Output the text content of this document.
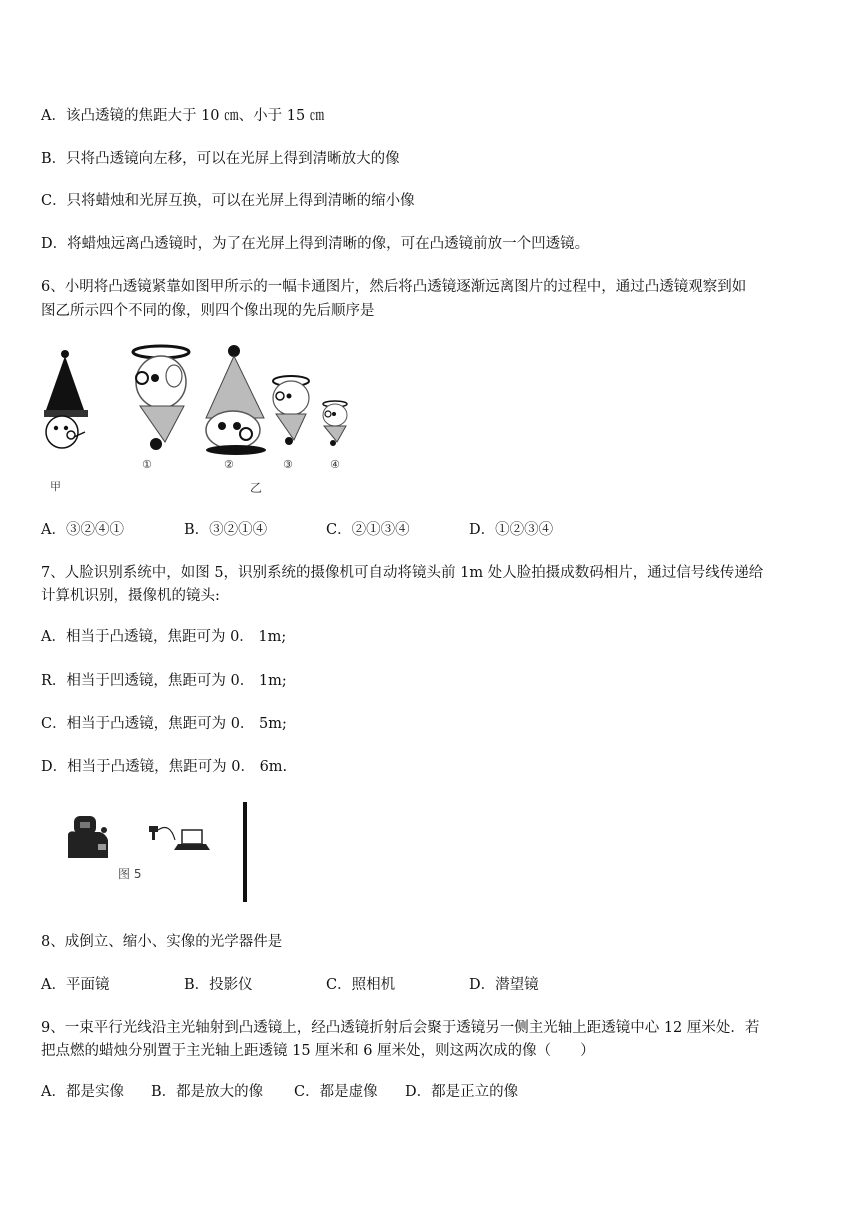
A．该凸透镜的焦距大于 10 ㎝、小于 15 ㎝
B．只将凸透镜向左移，可以在光屏上得到清晰放大的像
C．只将蜡烛和光屏互换，可以在光屏上得到清晰的缩小像
D．将蜡烛远离凸透镜时，为了在光屏上得到清晰的像，可在凸透镜前放一个凹透镜。
6、小明将凸透镜紧靠如图甲所示的一幅卡通图片，然后将凸透镜逐渐远离图片的过程中，通过凸透镜观察到如
图乙所示四个不同的像，则四个像出现的先后顺序是
①	②	③	④
甲	乙
A．③②④①	B．③②①④	C．②①③④	D．①②③④
7、人脸识别系统中，如图 5，识别系统的摄像机可自动将镜头前 1m 处人脸拍摄成数码相片，通过信号线传递给
计算机识别，摄像机的镜头:
A．相当于凸透镜，焦距可为 0． 1m;
R．相当于凹透镜，焦距可为 0． 1m;
C．相当于凸透镜，焦距可为 0． 5m;
D．相当于凸透镜，焦距可为 0． 6m.
图 5
8、成倒立、缩小、实像的光学器件是
A．平面镜	B．投影仪	C．照相机	D．潜望镜
9、一束平行光线沿主光轴射到凸透镜上，经凸透镜折射后会聚于透镜另一侧主光轴上距透镜中心 12 厘米处．若
把点燃的蜡烛分别置于主光轴上距透镜 15 厘米和 6 厘米处，则这两次成的像（　　）
A．都是实像 B．都是放大的像 C．都是虚像 D．都是正立的像
